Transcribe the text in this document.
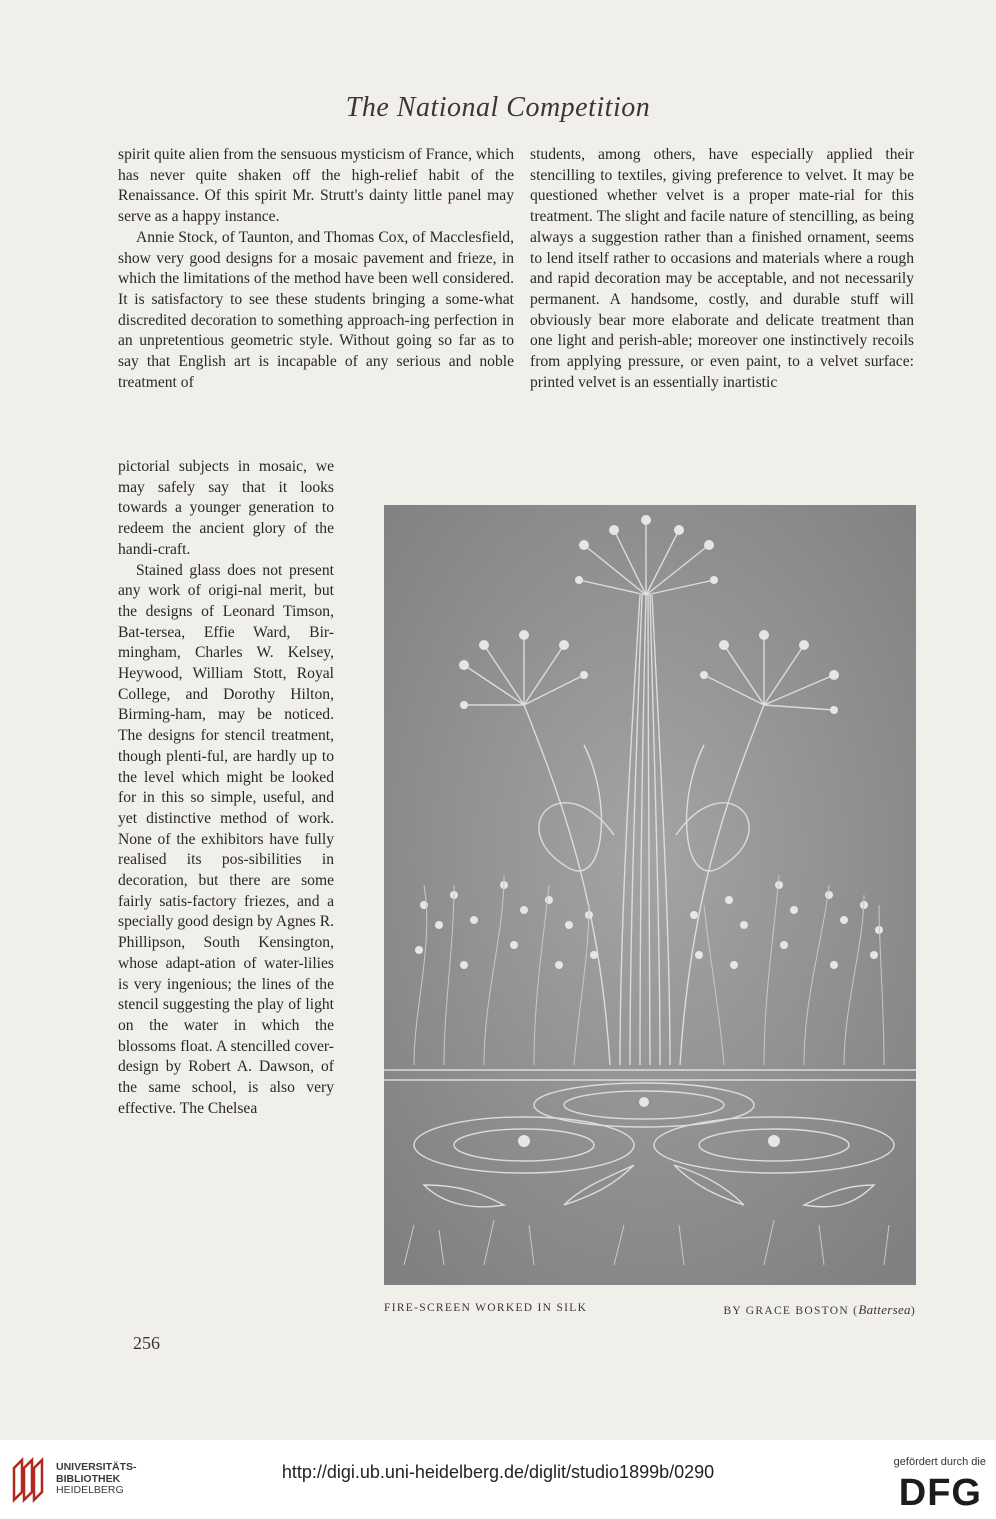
The National Competition

spirit quite alien from the sensuous mysticism of France, which has never quite shaken off the high-relief habit of the Renaissance. Of this spirit Mr. Strutt's dainty little panel may serve as a happy instance.

Annie Stock, of Taunton, and Thomas Cox, of Macclesfield, show very good designs for a mosaic pavement and frieze, in which the limitations of the method have been well considered. It is satisfactory to see these students bringing a some-what discredited decoration to something approach-ing perfection in an unpretentious geometric style. Without going so far as to say that English art is incapable of any serious and noble treatment of

students, among others, have especially applied their stencilling to textiles, giving preference to velvet. It may be questioned whether velvet is a proper mate-rial for this treatment. The slight and facile nature of stencilling, as being always a suggestion rather than a finished ornament, seems to lend itself rather to occasions and materials where a rough and rapid decoration may be acceptable, and not necessarily permanent. A handsome, costly, and durable stuff will obviously bear more elaborate and delicate treatment than one light and perish-able; moreover one instinctively recoils from applying pressure, or even paint, to a velvet surface: printed velvet is an essentially inartistic

pictorial subjects in mosaic, we may safely say that it looks towards a younger generation to redeem the ancient glory of the handi-craft.

Stained glass does not present any work of origi-nal merit, but the designs of Leonard Timson, Bat-tersea, Effie Ward, Bir-mingham, Charles W. Kelsey, Heywood, William Stott, Royal College, and Dorothy Hilton, Birming-ham, may be noticed. The designs for stencil treatment, though plenti-ful, are hardly up to the level which might be looked for in this so simple, useful, and yet distinctive method of work. None of the exhibitors have fully realised its pos-sibilities in decoration, but there are some fairly satis-factory friezes, and a specially good design by Agnes R. Phillipson, South Kensington, whose adapt-ation of water-lilies is very ingenious; the lines of the stencil suggesting the play of light on the water in which the blossoms float. A stencilled cover-design by Robert A. Dawson, of the same school, is also very effective. The Chelsea

FIRE-SCREEN WORKED IN SILK	BY GRACE BOSTON (Battersea)
256
UNIVERSITÄTS-
BIBLIOTHEK
HEIDELBERG
http://digi.ub.uni-heidelberg.de/diglit/studio1899b/0290	gefördert durch die
DFG
